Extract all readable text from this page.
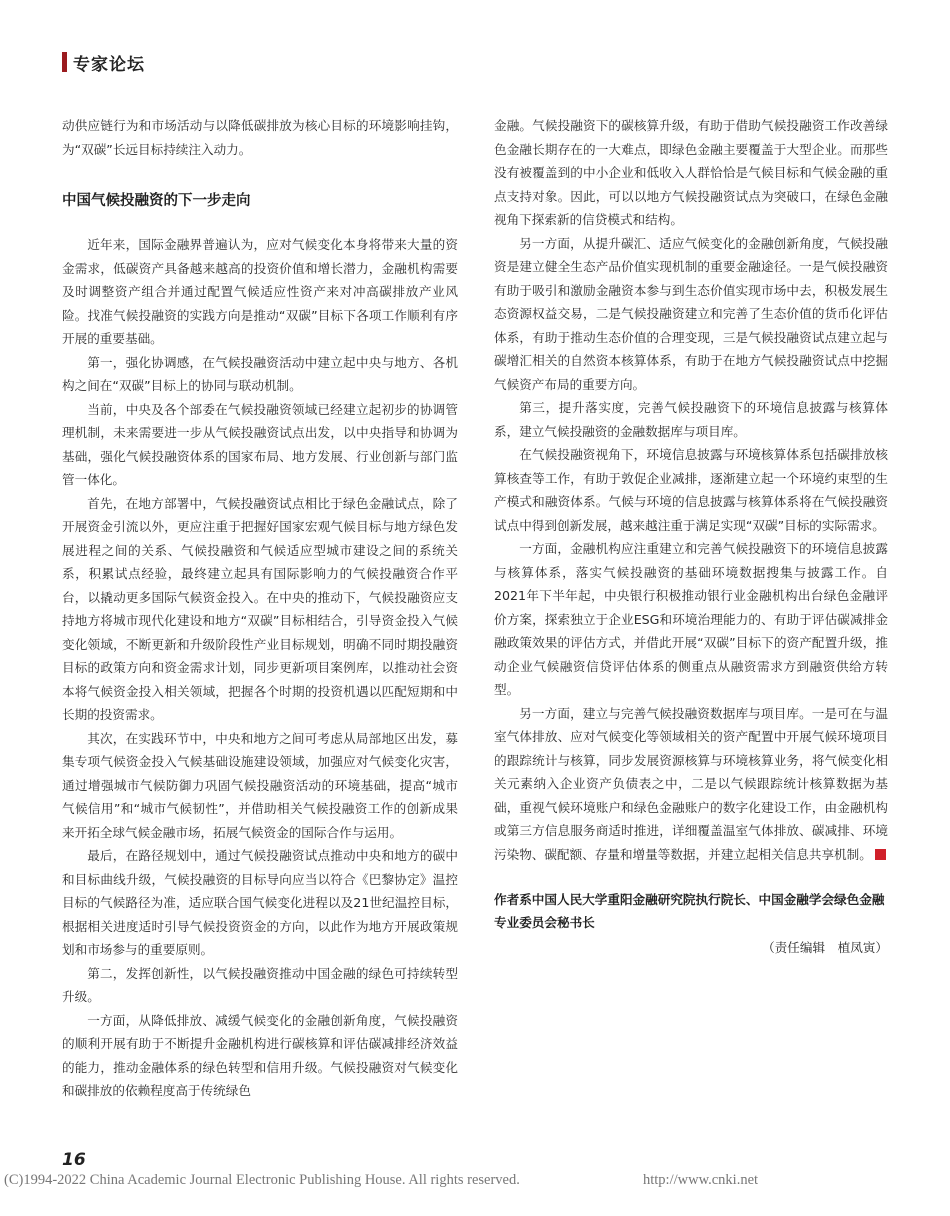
专家论坛

动供应链行为和市场活动与以降低碳排放为核心目标的环境影响挂钩，为“双碳”长远目标持续注入动力。

中国气候投融资的下一步走向

近年来，国际金融界普遍认为，应对气候变化本身将带来大量的资金需求，低碳资产具备越来越高的投资价值和增长潜力，金融机构需要及时调整资产组合并通过配置气候适应性资产来对冲高碳排放产业风险。找准气候投融资的实践方向是推动“双碳”目标下各项工作顺利有序开展的重要基础。

第一，强化协调感，在气候投融资活动中建立起中央与地方、各机构之间在“双碳”目标上的协同与联动机制。

当前，中央及各个部委在气候投融资领域已经建立起初步的协调管理机制，未来需要进一步从气候投融资试点出发，以中央指导和协调为基础，强化气候投融资体系的国家布局、地方发展、行业创新与部门监管一体化。

首先，在地方部署中，气候投融资试点相比于绿色金融试点，除了开展资金引流以外，更应注重于把握好国家宏观气候目标与地方绿色发展进程之间的关系、气候投融资和气候适应型城市建设之间的系统关系，积累试点经验，最终建立起具有国际影响力的气候投融资合作平台，以撬动更多国际气候资金投入。在中央的推动下，气候投融资应支持地方将城市现代化建设和地方“双碳”目标相结合，引导资金投入气候变化领域，不断更新和升级阶段性产业目标规划，明确不同时期投融资目标的政策方向和资金需求计划，同步更新项目案例库，以推动社会资本将气候资金投入相关领域，把握各个时期的投资机遇以匹配短期和中长期的投资需求。

其次，在实践环节中，中央和地方之间可考虑从局部地区出发，募集专项气候资金投入气候基础设施建设领域，加强应对气候变化灾害，通过增强城市气候防御力巩固气候投融资活动的环境基础，提高“城市气候信用”和“城市气候韧性”，并借助相关气候投融资工作的创新成果来开拓全球气候金融市场，拓展气候资金的国际合作与运用。

最后，在路径规划中，通过气候投融资试点推动中央和地方的碳中和目标曲线升级，气候投融资的目标导向应当以符合《巴黎协定》温控目标的气候路径为准，适应联合国气候变化进程以及21世纪温控目标，根据相关进度适时引导气候投资资金的方向，以此作为地方开展政策规划和市场参与的重要原则。

第二，发挥创新性，以气候投融资推动中国金融的绿色可持续转型升级。

一方面，从降低排放、减缓气候变化的金融创新角度，气候投融资的顺利开展有助于不断提升金融机构进行碳核算和评估碳减排经济效益的能力，推动金融体系的绿色转型和信用升级。气候投融资对气候变化和碳排放的依赖程度高于传统绿色

金融。气候投融资下的碳核算升级，有助于借助气候投融资工作改善绿色金融长期存在的一大难点，即绿色金融主要覆盖于大型企业。而那些没有被覆盖到的中小企业和低收入人群恰恰是气候目标和气候金融的重点支持对象。因此，可以以地方气候投融资试点为突破口，在绿色金融视角下探索新的信贷模式和结构。

另一方面，从提升碳汇、适应气候变化的金融创新角度，气候投融资是建立健全生态产品价值实现机制的重要金融途径。一是气候投融资有助于吸引和激励金融资本参与到生态价值实现市场中去，积极发展生态资源权益交易，二是气候投融资建立和完善了生态价值的货币化评估体系，有助于推动生态价值的合理变现，三是气候投融资试点建立起与碳增汇相关的自然资本核算体系，有助于在地方气候投融资试点中挖掘气候资产布局的重要方向。

第三，提升落实度，完善气候投融资下的环境信息披露与核算体系，建立气候投融资的金融数据库与项目库。

在气候投融资视角下，环境信息披露与环境核算体系包括碳排放核算核查等工作，有助于敦促企业减排，逐渐建立起一个环境约束型的生产模式和融资体系。气候与环境的信息披露与核算体系将在气候投融资试点中得到创新发展，越来越注重于满足实现“双碳”目标的实际需求。

一方面，金融机构应注重建立和完善气候投融资下的环境信息披露与核算体系，落实气候投融资的基础环境数据搜集与披露工作。自2021年下半年起，中央银行积极推动银行业金融机构出台绿色金融评价方案，探索独立于企业ESG和环境治理能力的、有助于评估碳减排金融政策效果的评估方式，并借此开展“双碳”目标下的资产配置升级，推动企业气候融资信贷评估体系的侧重点从融资需求方到融资供给方转型。

另一方面，建立与完善气候投融资数据库与项目库。一是可在与温室气体排放、应对气候变化等领域相关的资产配置中开展气候环境项目的跟踪统计与核算，同步发展资源核算与环境核算业务，将气候变化相关元素纳入企业资产负债表之中，二是以气候跟踪统计核算数据为基础，重视气候环境账户和绿色金融账户的数字化建设工作，由金融机构或第三方信息服务商适时推进，详细覆盖温室气体排放、碳减排、环境污染物、碳配额、存量和增量等数据，并建立起相关信息共享机制。

作者系中国人民大学重阳金融研究院执行院长、中国金融学会绿色金融专业委员会秘书长

（责任编辑　植凤寅）

16
(C)1994-2022 China Academic Journal Electronic Publishing House. All rights reserved.	http://www.cnki.net
